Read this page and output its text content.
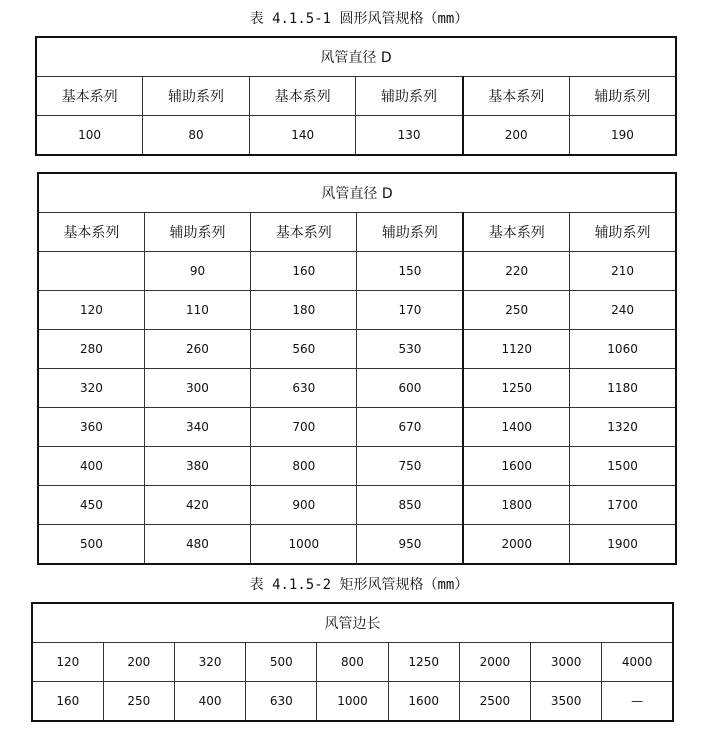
表 4.1.5-1 圆形风管规格（mm）
风管直径 D					
基本系列	辅助系列	基本系列	辅助系列	基本系列	辅助系列
100	80	140	130	200	190
风管直径 D					
基本系列	辅助系列	基本系列	辅助系列	基本系列	辅助系列
	90	160	150	220	210
120	110	180	170	250	240
280	260	560	530	1120	1060
320	300	630	600	1250	1180
360	340	700	670	1400	1320
400	380	800	750	1600	1500
450	420	900	850	1800	1700
500	480	1000	950	2000	1900
表 4.1.5-2 矩形风管规格（mm）
风管边长								
120	200	320	500	800	1250	2000	3000	4000
160	250	400	630	1000	1600	2500	3500	—
